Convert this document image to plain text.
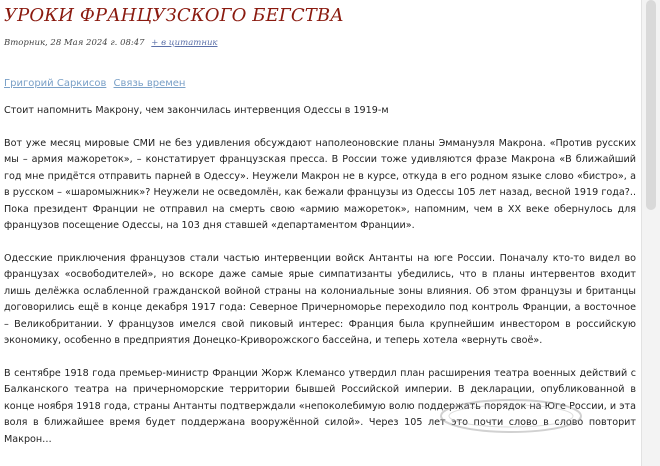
УРОКИ ФРАНЦУЗСКОГО БЕГСТВА
Вторник, 28 Мая 2024 г. 08:47 + в цитатник
Григорий Саркисов Связь времен

Стоит напомнить Макрону, чем закончилась интервенция Одессы в 1919-м

Вот уже месяц мировые СМИ не без удивления обсуждают наполеоновские планы Эммануэля Макрона. «Против русских мы – армия мажореток», – констатирует французская пресса. В России тоже удивляются фразе Макрона «В ближайший год мне придётся отправить парней в Одессу». Неужели Макрон не в курсе, откуда в его родном языке слово «бистро», а в русском – «шаромыжник»? Неужели не осведомлён, как бежали французы из Одессы 105 лет назад, весной 1919 года?.. Пока президент Франции не отправил на смерть свою «армию мажореток», напомним, чем в XX веке обернулось для французов посещение Одессы, на 103 дня ставшей «департаментом Франции».

Одесские приключения французов стали частью интервенции войск Антанты на юге России. Поначалу кто-то видел во французах «освободителей», но вскоре даже самые ярые симпатизанты убедились, что в планы интервентов входит лишь делёжка ослабленной гражданской войной страны на колониальные зоны влияния. Об этом французы и британцы договорились ещё в конце декабря 1917 года: Северное Причерноморье переходило под контроль Франции, а восточное – Великобритании. У французов имелся свой пиковый интерес: Франция была крупнейшим инвестором в российскую экономику, особенно в предприятия Донецко-Криворожского бассейна, и теперь хотела «вернуть своё».

В сентябре 1918 года премьер-министр Франции Жорж Клемансо утвердил план расширения театра военных действий с Балканского театра на причерноморские территории бывшей Российской империи. В декларации, опубликованной в конце ноября 1918 года, страны Антанты подтверждали «непоколебимую волю поддержать порядок на Юге России, и эта воля в ближайшее время будет поддержана вооружённой силой». Через 105 лет это почти слово в слово повторит Макрон…
